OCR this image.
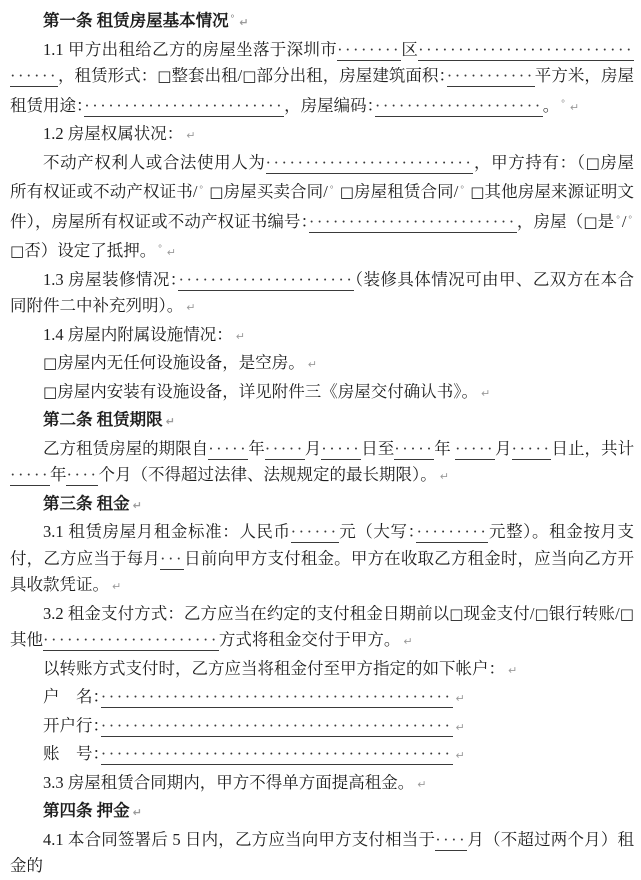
第一条 租赁房屋基本情况 ° ↵

1.1 甲方出租给乙方的房屋坐落于深圳市········区·································，租赁形式：□整套出租/□部分出租，房屋建筑面积：···········平方米，房屋租赁用途：·························，房屋编码：·····················。 ° ↵

1.2 房屋权属状况： ↵

不动产权利人或合法使用人为··························，甲方持有：（□房屋所有权证或不动产权证书/ ° □房屋买卖合同/ ° □房屋租赁合同/ ° □其他房屋来源证明文件），房屋所有权证或不动产权证书编号：··························，房屋（□是 ° / ° □否）设定了抵押。 ° ↵

1.3 房屋装修情况：······················（装修具体情况可由甲、乙双方在本合同附件二中补充列明）。 ↵

1.4 房屋内附属设施情况： ↵

□房屋内无任何设施设备，是空房。 ↵

□房屋内安装有设施设备，详见附件三《房屋交付确认书》。 ↵

第二条 租赁期限 ↵

乙方租赁房屋的期限自·····年·····月·····日至·····年 ·····月·····日止，共计·····年····个月（不得超过法律、法规规定的最长期限）。 ↵

第三条 租金 ↵

3.1 租赁房屋月租金标准：人民币······元（大写：·········元整）。租金按月支付，乙方应当于每月···日前向甲方支付租金。甲方在收取乙方租金时，应当向乙方开具收款凭证。 ↵

3.2 租金支付方式：乙方应当在约定的支付租金日期前以□现金支付/□银行转账/□其他······················方式将租金交付于甲方。 ↵

以转账方式支付时，乙方应当将租金付至甲方指定的如下帐户： ↵

户　名：············································ ↵

开户行：············································ ↵

账　号：············································ ↵

3.3 房屋租赁合同期内，甲方不得单方面提高租金。 ↵

第四条 押金 ↵

4.1 本合同签署后 5 日内，乙方应当向甲方支付相当于····月（不超过两个月）租金的
